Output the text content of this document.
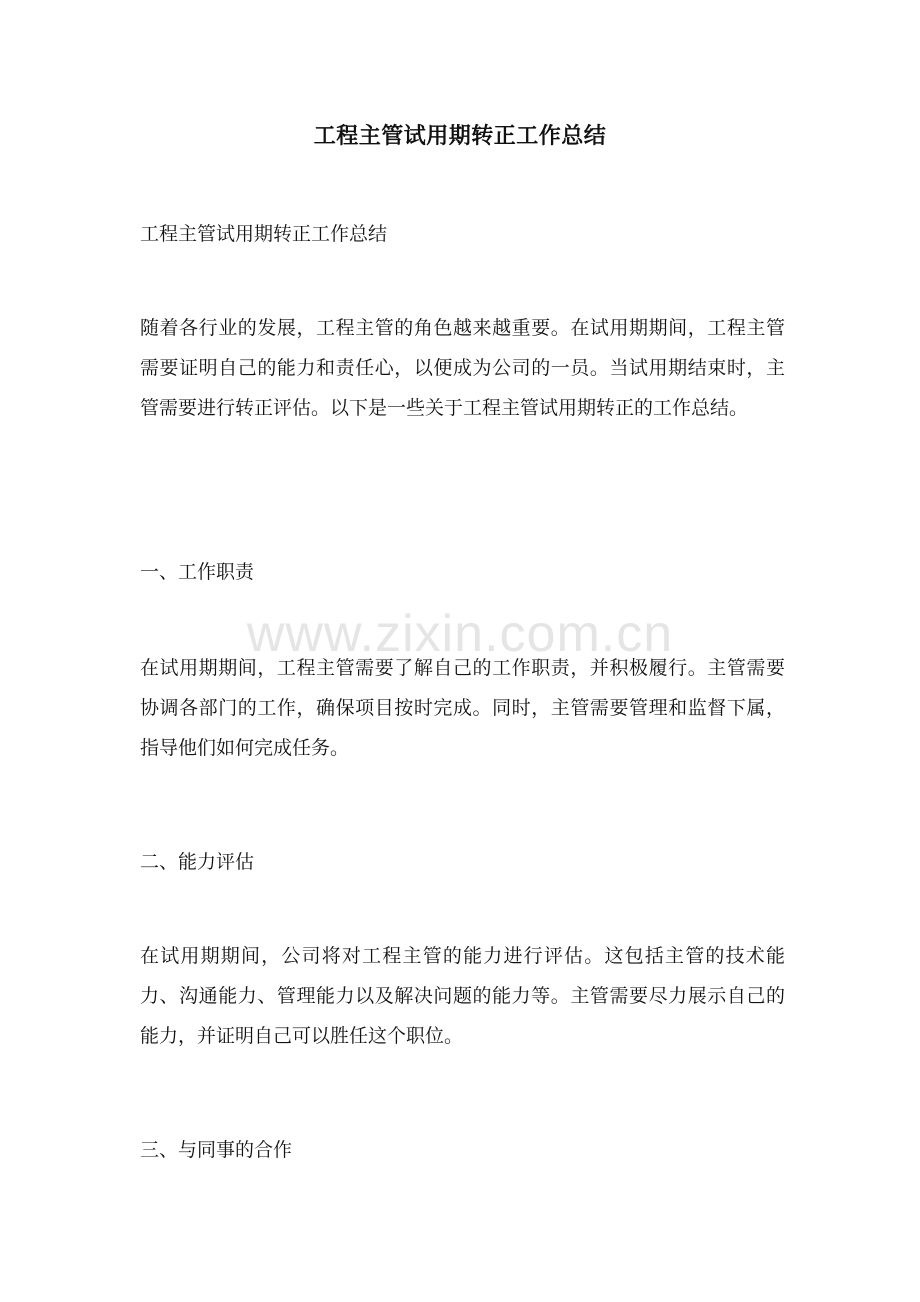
工程主管试用期转正工作总结
工程主管试用期转正工作总结
随着各行业的发展，工程主管的角色越来越重要。在试用期期间，工程主管需要证明自己的能力和责任心，以便成为公司的一员。当试用期结束时，主管需要进行转正评估。以下是一些关于工程主管试用期转正的工作总结。
一、工作职责
在试用期期间，工程主管需要了解自己的工作职责，并积极履行。主管需要协调各部门的工作，确保项目按时完成。同时，主管需要管理和监督下属，指导他们如何完成任务。
二、能力评估
在试用期期间，公司将对工程主管的能力进行评估。这包括主管的技术能力、沟通能力、管理能力以及解决问题的能力等。主管需要尽力展示自己的能力，并证明自己可以胜任这个职位。
三、与同事的合作
www.zixin.com.cn
